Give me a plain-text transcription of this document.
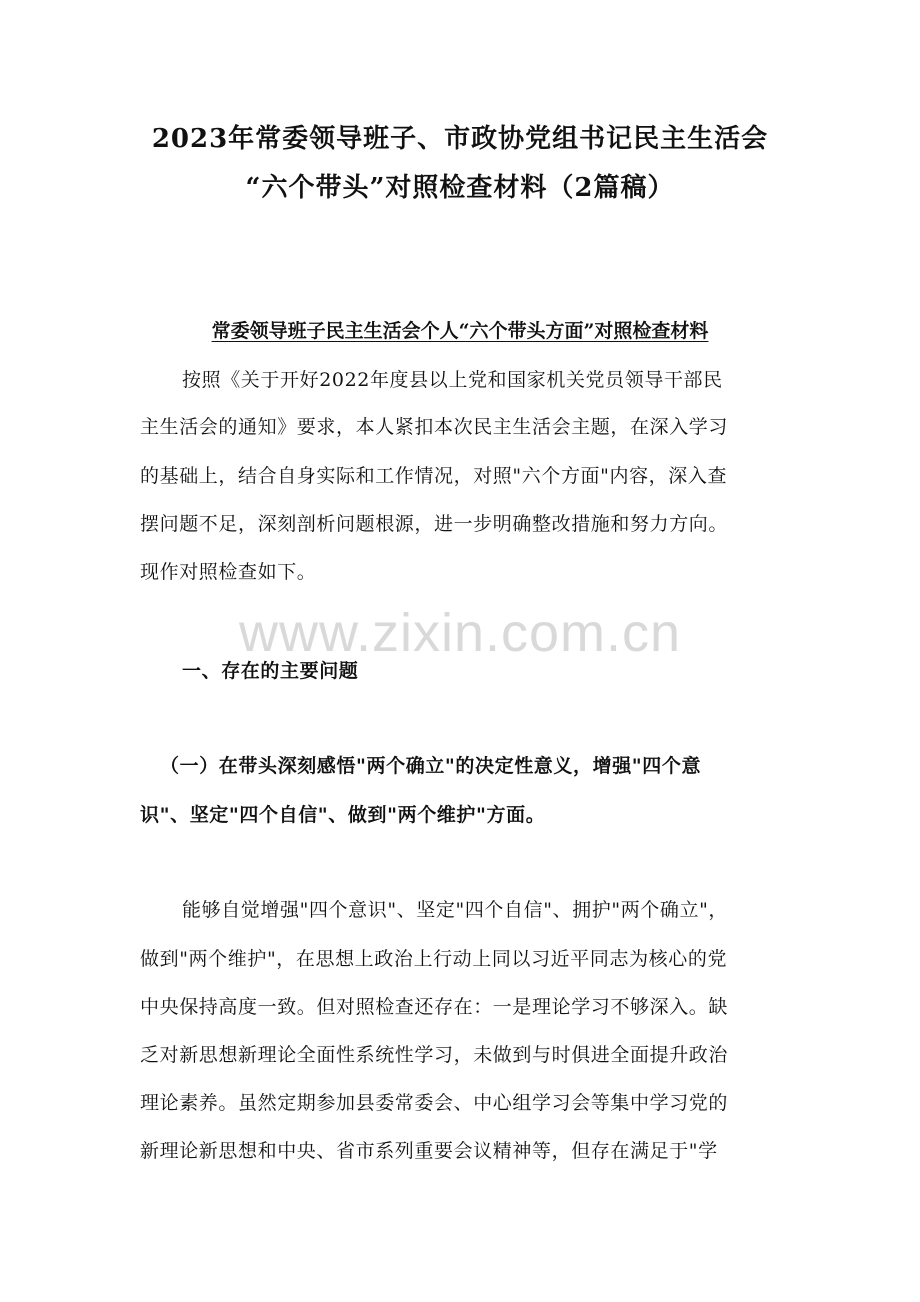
2023年常委领导班子、市政协党组书记民主生活会
“六个带头”对照检查材料（2篇稿）
常委领导班子民主生活会个人“六个带头方面”对照检查材料
按照《关于开好2022年度县以上党和国家机关党员领导干部民
主生活会的通知》要求，本人紧扣本次民主生活会主题，在深入学习
的基础上，结合自身实际和工作情况，对照"六个方面"内容，深入查
摆问题不足，深刻剖析问题根源，进一步明确整改措施和努力方向。
现作对照检查如下。
www.zixin.com.cn
一、存在的主要问题
（一）在带头深刻感悟"两个确立"的决定性意义，增强"四个意
识"、坚定"四个自信"、做到"两个维护"方面。
能够自觉增强"四个意识"、坚定"四个自信"、拥护"两个确立"，
做到"两个维护"，在思想上政治上行动上同以习近平同志为核心的党
中央保持高度一致。但对照检查还存在：一是理论学习不够深入。缺
乏对新思想新理论全面性系统性学习，未做到与时俱进全面提升政治
理论素养。虽然定期参加县委常委会、中心组学习会等集中学习党的
新理论新思想和中央、省市系列重要会议精神等，但存在满足于"学
